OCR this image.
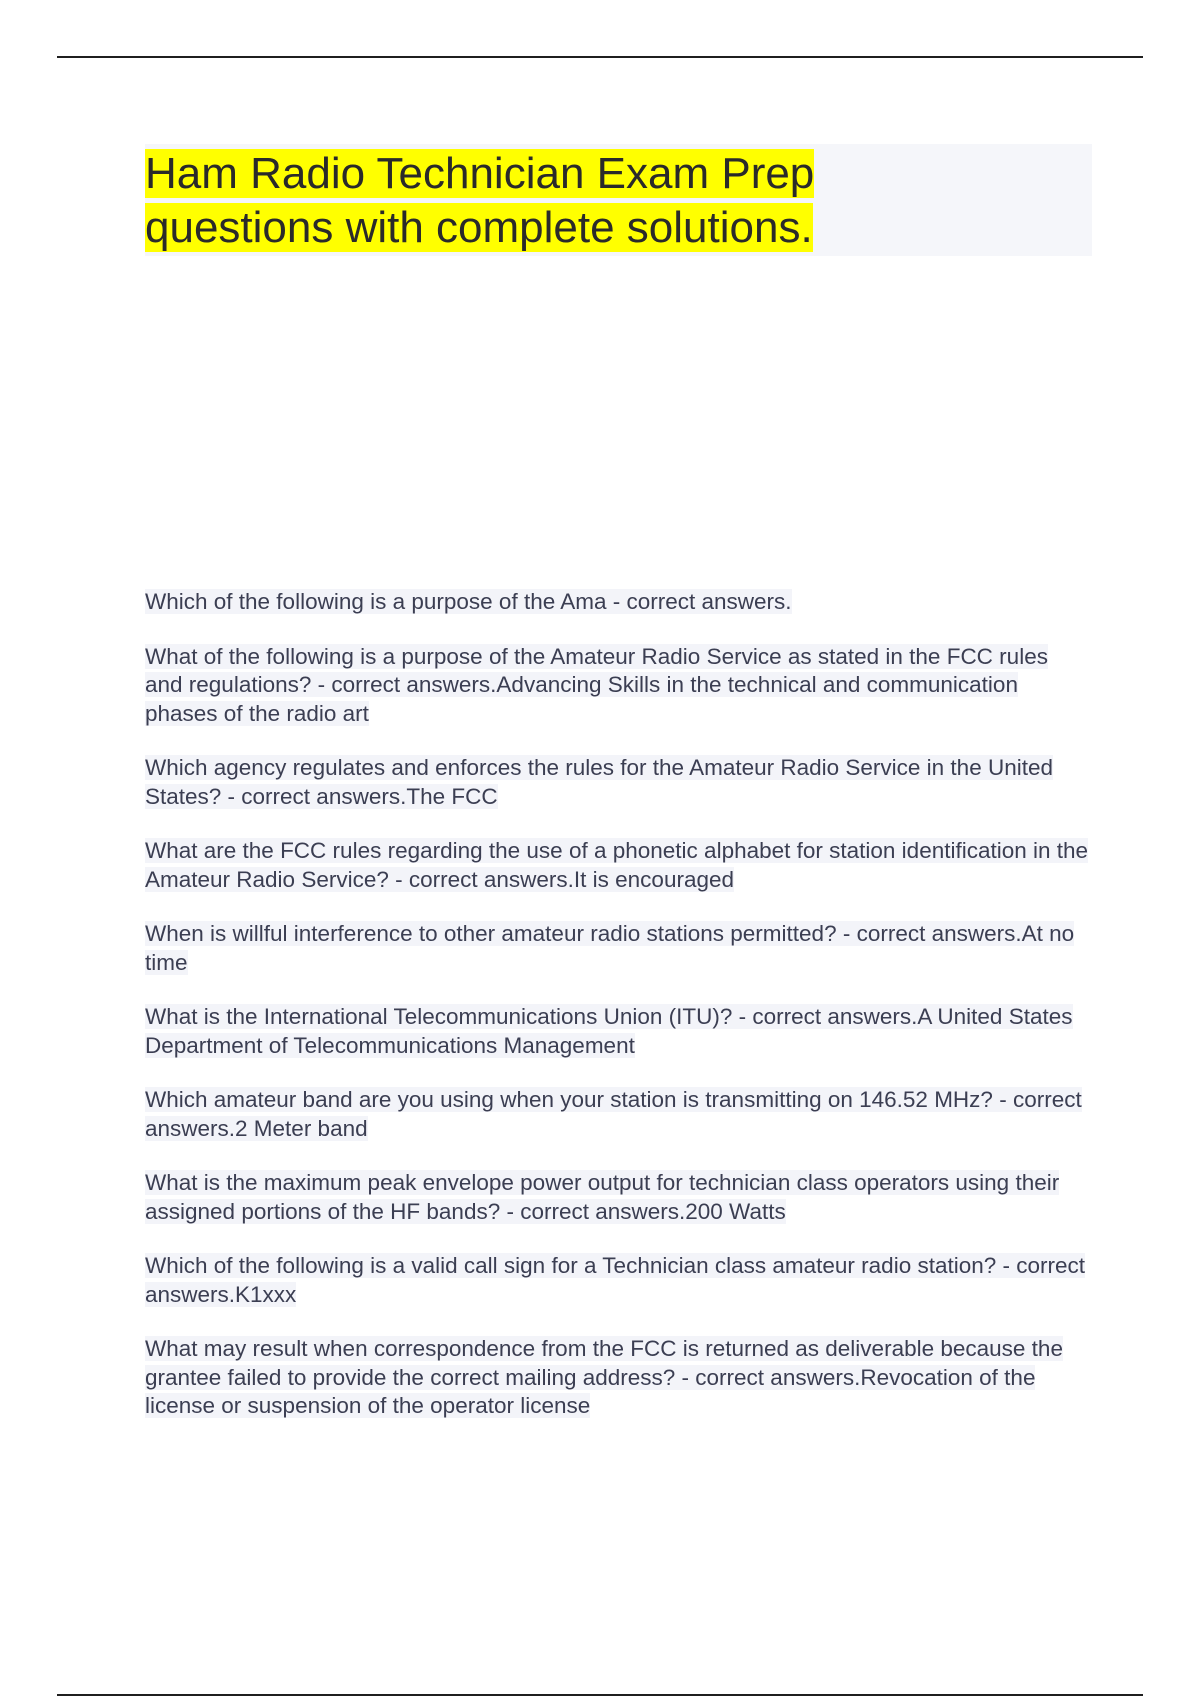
Ham Radio Technician Exam Prep
questions with complete solutions.
Which of the following is a purpose of the Ama - correct answers.
What of the following is a purpose of the Amateur Radio Service as stated in the FCC rules and regulations? - correct answers.Advancing Skills in the technical and communication phases of the radio art
Which agency regulates and enforces the rules for the Amateur Radio Service in the United States? - correct answers.The FCC
What are the FCC rules regarding the use of a phonetic alphabet for station identification in the Amateur Radio Service? - correct answers.It is encouraged
When is willful interference to other amateur radio stations permitted? - correct answers.At no time
What is the International Telecommunications Union (ITU)? - correct answers.A United States Department of Telecommunications Management
Which amateur band are you using when your station is transmitting on 146.52 MHz? - correct answers.2 Meter band
What is the maximum peak envelope power output for technician class operators using their assigned portions of the HF bands? - correct answers.200 Watts
Which of the following is a valid call sign for a Technician class amateur radio station? - correct answers.K1xxx
What may result when correspondence from the FCC is returned as deliverable because the grantee failed to provide the correct mailing address? - correct answers.Revocation of the license or suspension of the operator license
